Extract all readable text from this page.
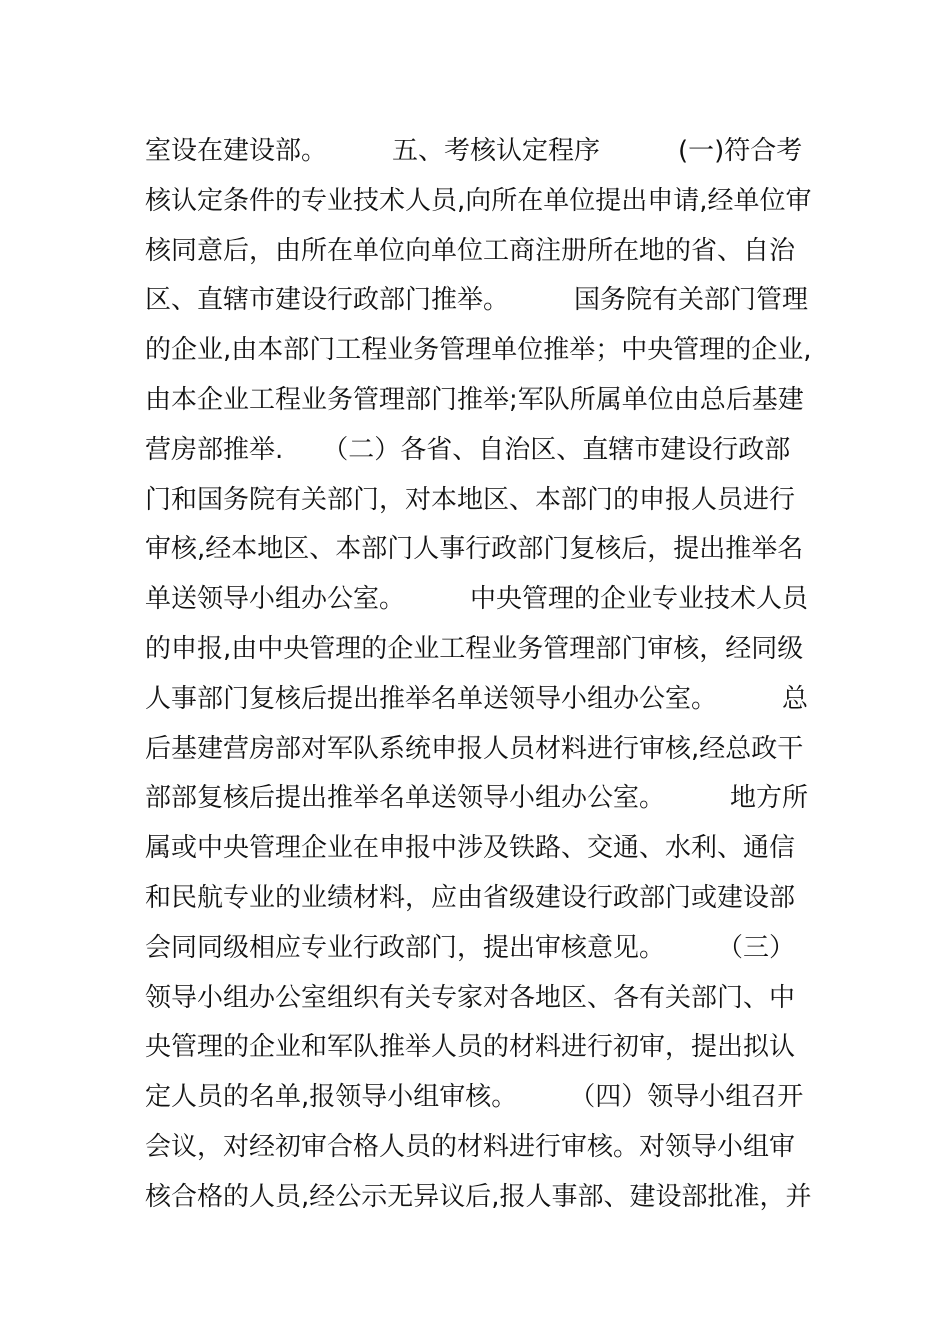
室设在建设部。　　　五、考核认定程序　　　(一)符合考
核认定条件的专业技术人员,向所在单位提出申请,经单位审
核同意后，由所在单位向单位工商注册所在地的省、自治
区、直辖市建设行政部门推举。　　　国务院有关部门管理
的企业,由本部门工程业务管理单位推举；中央管理的企业,
由本企业工程业务管理部门推举;军队所属单位由总后基建
营房部推举.　　（二）各省、自治区、直辖市建设行政部
门和国务院有关部门，对本地区、本部门的申报人员进行
审核,经本地区、本部门人事行政部门复核后，提出推举名
单送领导小组办公室。　　　中央管理的企业专业技术人员
的申报,由中央管理的企业工程业务管理部门审核，经同级
人事部门复核后提出推举名单送领导小组办公室。　　　总
后基建营房部对军队系统申报人员材料进行审核,经总政干
部部复核后提出推举名单送领导小组办公室。　　　地方所
属或中央管理企业在申报中涉及铁路、交通、水利、通信
和民航专业的业绩材料，应由省级建设行政部门或建设部
会同同级相应专业行政部门，提出审核意见。　　　（三）
领导小组办公室组织有关专家对各地区、各有关部门、中
央管理的企业和军队推举人员的材料进行初审，提出拟认
定人员的名单,报领导小组审核。　　　（四）领导小组召开
会议，对经初审合格人员的材料进行审核。对领导小组审
核合格的人员,经公示无异议后,报人事部、建设部批准，并
